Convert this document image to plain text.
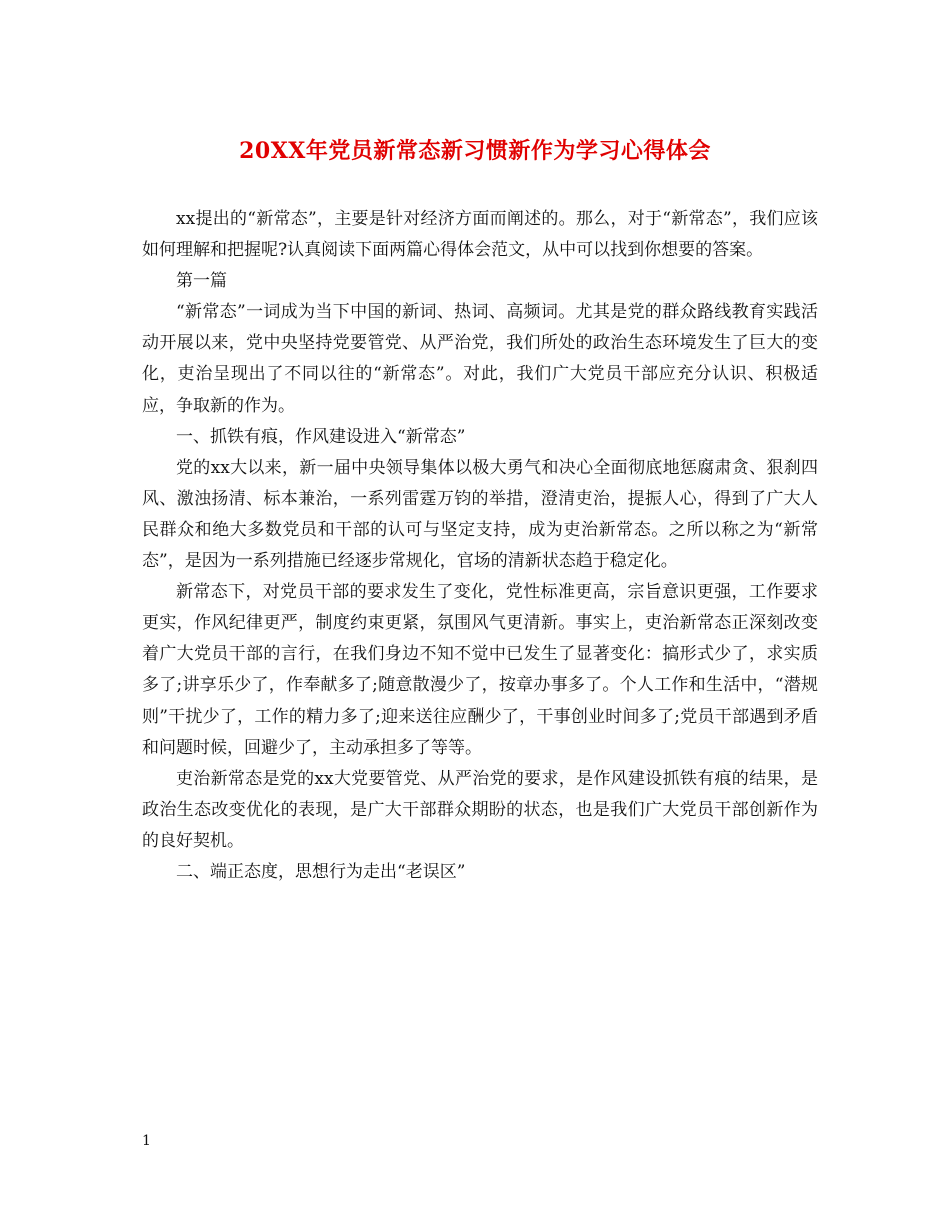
20XX年党员新常态新习惯新作为学习心得体会

xx提出的“新常态”，主要是针对经济方面而阐述的。那么，对于“新常态”，我们应该如何理解和把握呢?认真阅读下面两篇心得体会范文，从中可以找到你想要的答案。

第一篇

“新常态”一词成为当下中国的新词、热词、高频词。尤其是党的群众路线教育实践活动开展以来，党中央坚持党要管党、从严治党，我们所处的政治生态环境发生了巨大的变化，吏治呈现出了不同以往的“新常态”。对此，我们广大党员干部应充分认识、积极适应，争取新的作为。

一、抓铁有痕，作风建设进入“新常态”

党的xx大以来，新一届中央领导集体以极大勇气和决心全面彻底地惩腐肃贪、狠刹四风、激浊扬清、标本兼治，一系列雷霆万钧的举措，澄清吏治，提振人心，得到了广大人民群众和绝大多数党员和干部的认可与坚定支持，成为吏治新常态。之所以称之为“新常态”，是因为一系列措施已经逐步常规化，官场的清新状态趋于稳定化。

新常态下，对党员干部的要求发生了变化，党性标准更高，宗旨意识更强，工作要求更实，作风纪律更严，制度约束更紧，氛围风气更清新。事实上，吏治新常态正深刻改变着广大党员干部的言行，在我们身边不知不觉中已发生了显著变化：搞形式少了，求实质多了;讲享乐少了，作奉献多了;随意散漫少了，按章办事多了。个人工作和生活中，“潜规则”干扰少了，工作的精力多了;迎来送往应酬少了，干事创业时间多了;党员干部遇到矛盾和问题时候，回避少了，主动承担多了等等。

吏治新常态是党的xx大党要管党、从严治党的要求，是作风建设抓铁有痕的结果，是政治生态改变优化的表现，是广大干部群众期盼的状态，也是我们广大党员干部创新作为的良好契机。

二、端正态度，思想行为走出“老误区”

1
